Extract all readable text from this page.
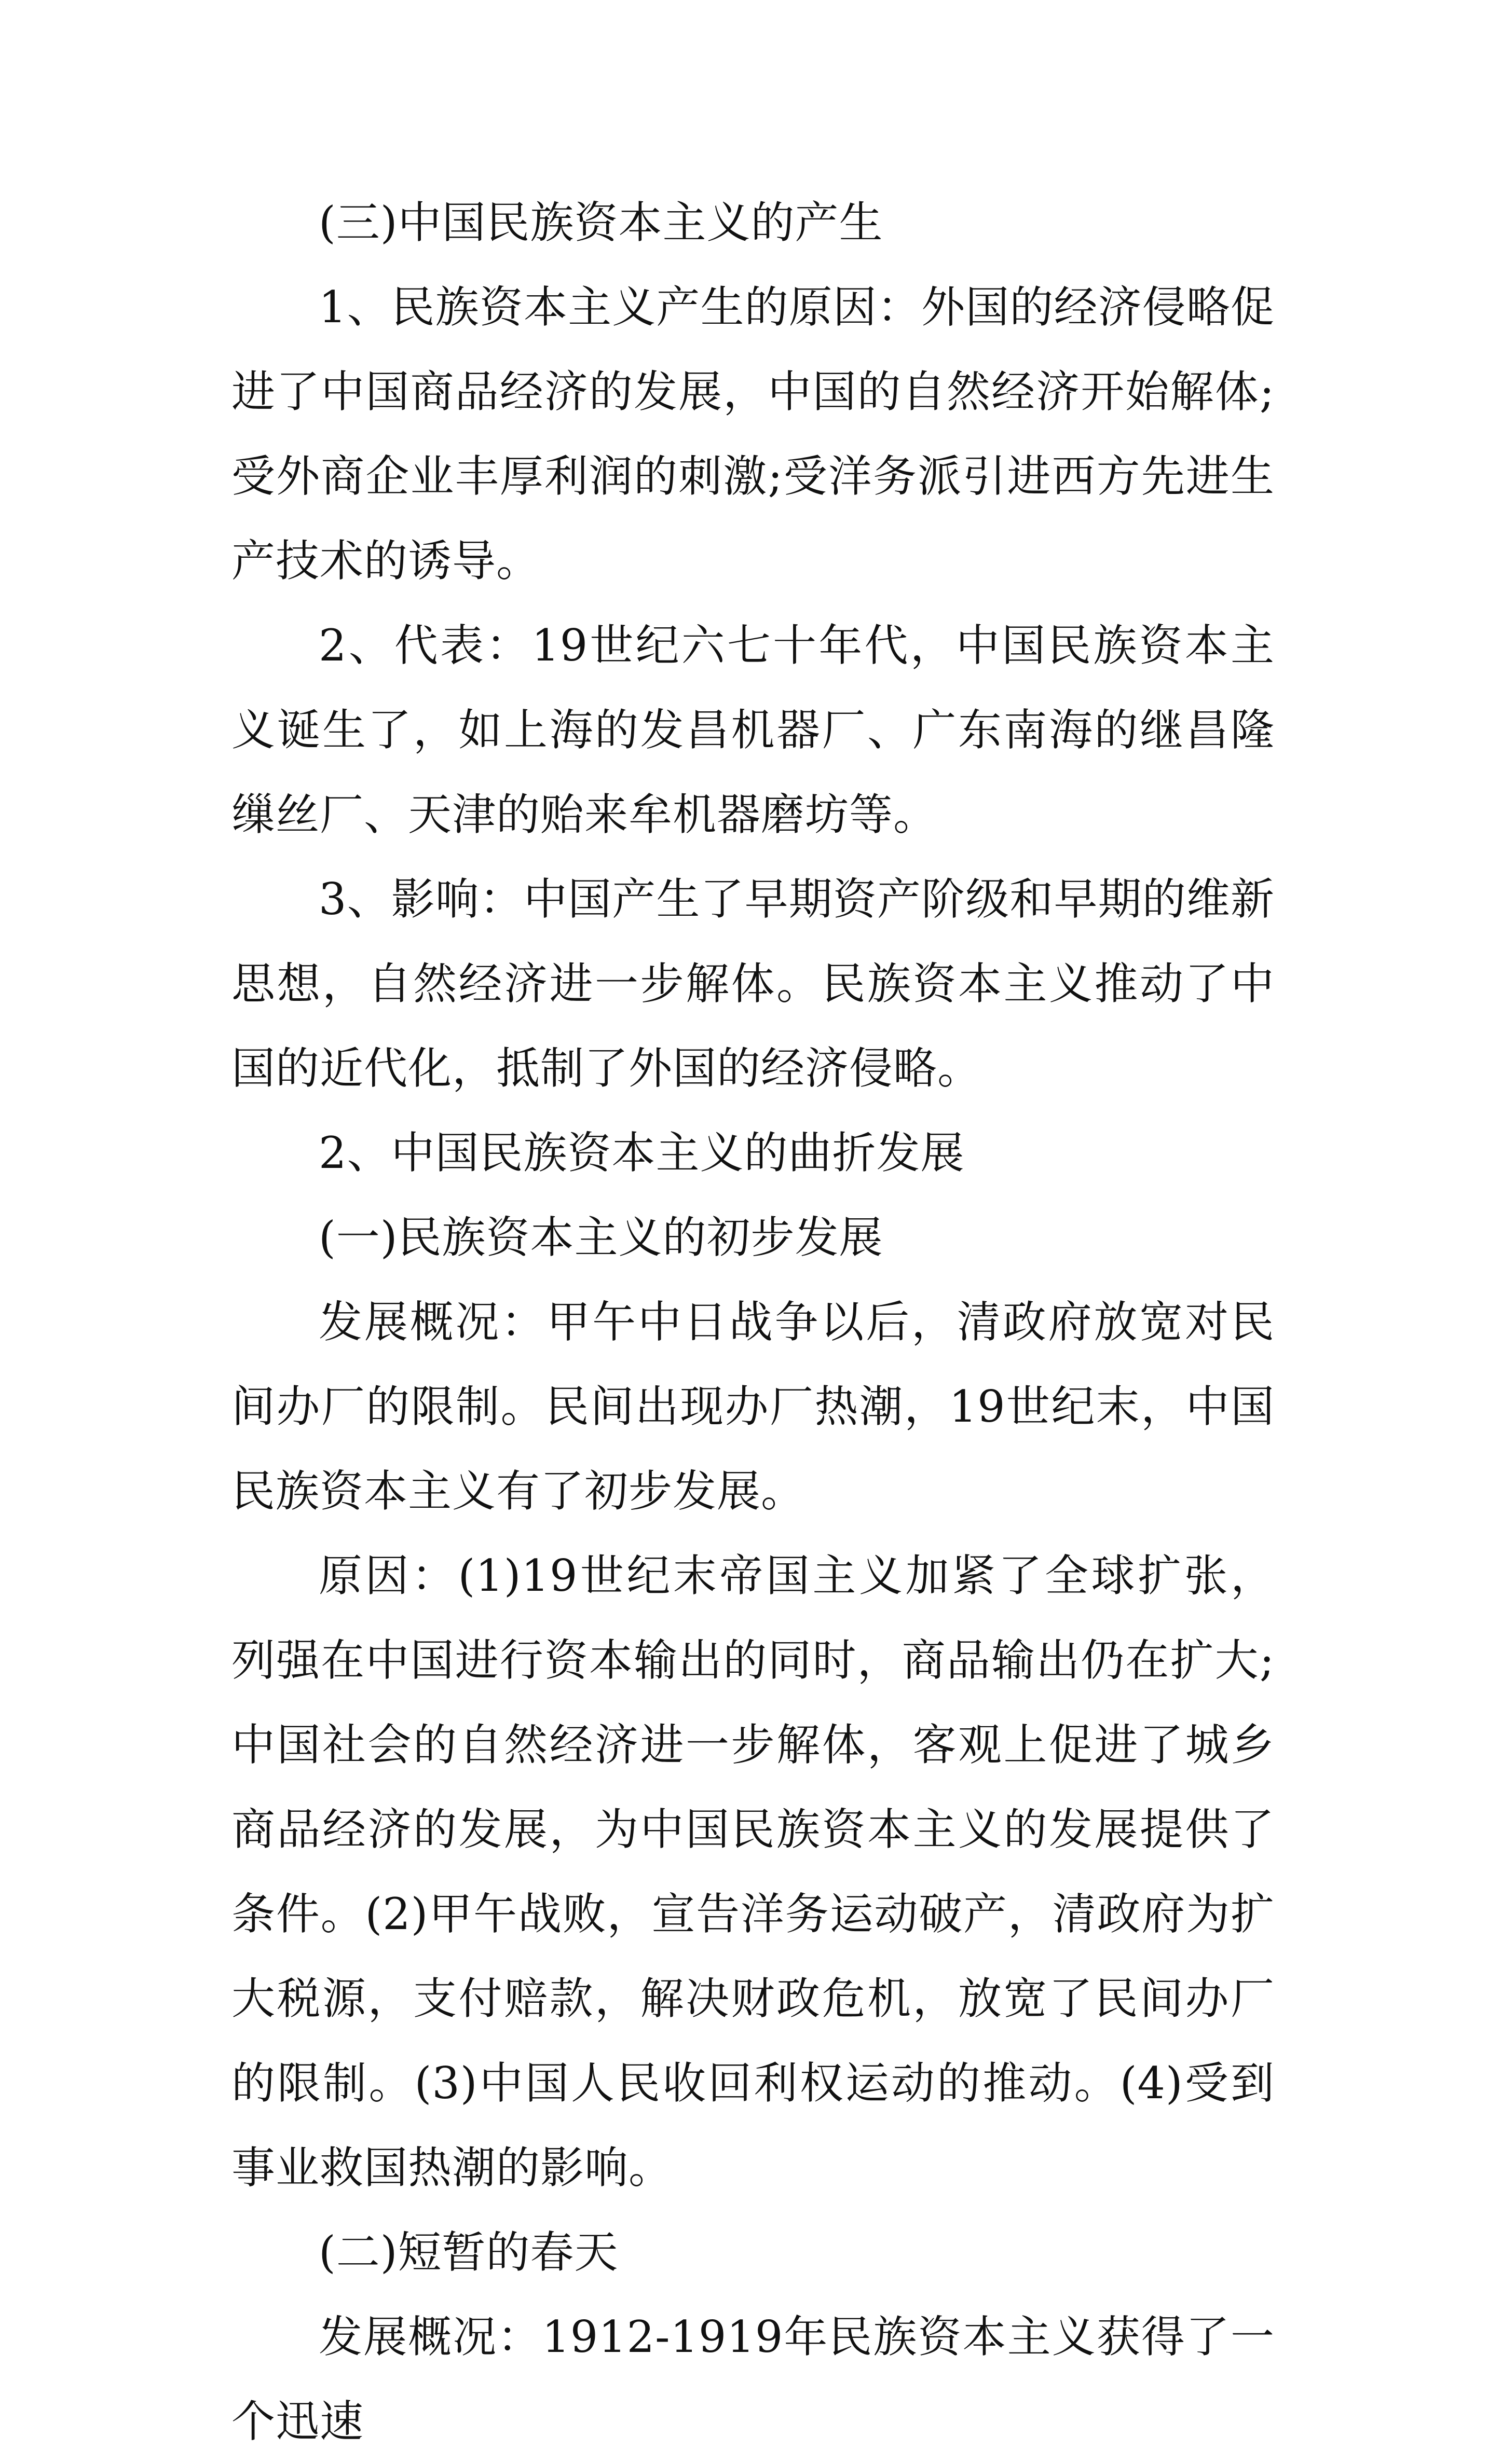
(三)中国民族资本主义的产生

1、民族资本主义产生的原因：外国的经济侵略促进了中国商品经济的发展，中国的自然经济开始解体;受外商企业丰厚利润的刺激;受洋务派引进西方先进生产技术的诱导。

2、代表：19世纪六七十年代，中国民族资本主义诞生了，如上海的发昌机器厂、广东南海的继昌隆缫丝厂、天津的贻来牟机器磨坊等。

3、影响：中国产生了早期资产阶级和早期的维新思想，自然经济进一步解体。民族资本主义推动了中国的近代化，抵制了外国的经济侵略。

2、中国民族资本主义的曲折发展

(一)民族资本主义的初步发展

发展概况：甲午中日战争以后，清政府放宽对民间办厂的限制。民间出现办厂热潮，19世纪末，中国民族资本主义有了初步发展。

原因：(1)19世纪末帝国主义加紧了全球扩张，列强在中国进行资本输出的同时，商品输出仍在扩大;中国社会的自然经济进一步解体，客观上促进了城乡商品经济的发展，为中国民族资本主义的发展提供了条件。(2)甲午战败，宣告洋务运动破产，清政府为扩大税源，支付赔款，解决财政危机，放宽了民间办厂的限制。(3)中国人民收回利权运动的推动。(4)受到事业救国热潮的影响。

(二)短暂的春天

发展概况：1912-1919年民族资本主义获得了一个迅速
